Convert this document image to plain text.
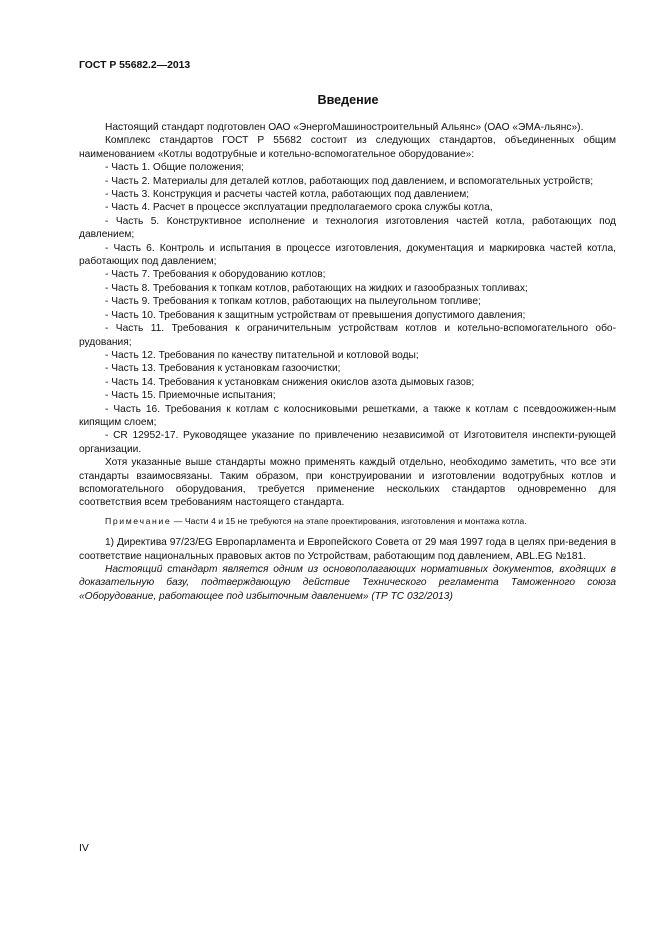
ГОСТ Р 55682.2—2013
Введение

Настоящий стандарт подготовлен ОАО «ЭнергоМашиностроительный Альянс» (ОАО «ЭМА-льянс»).

Комплекс стандартов ГОСТ Р 55682 состоит из следующих стандартов, объединенных общим наименованием «Котлы водотрубные и котельно-вспомогательное оборудование»:

- Часть 1. Общие положения;

- Часть 2. Материалы для деталей котлов, работающих под давлением, и вспомогательных устройств;

- Часть 3. Конструкция и расчеты частей котла, работающих под давлением;

- Часть 4. Расчет в процессе эксплуатации предполагаемого срока службы котла,

- Часть 5. Конструктивное исполнение и технология изготовления частей котла, работающих под давлением;

- Часть 6. Контроль и испытания в процессе изготовления, документация и маркировка частей котла, работающих под давлением;

- Часть 7. Требования к оборудованию котлов;

- Часть 8. Требования к топкам котлов, работающих на жидких и газообразных топливах;

- Часть 9. Требования к топкам котлов, работающих на пылеугольном топливе;

- Часть 10. Требования к защитным устройствам от превышения допустимого давления;

- Часть 11. Требования к ограничительным устройствам котлов и котельно-вспомогательного обо-рудования;

- Часть 12. Требования по качеству питательной и котловой воды;

- Часть 13. Требования к установкам газоочистки;

- Часть 14. Требования к установкам снижения окислов азота дымовых газов;

- Часть 15. Приемочные испытания;

- Часть 16. Требования к котлам с колосниковыми решетками, а также к котлам с псевдоожижен-ным кипящим слоем;

- CR 12952-17. Руководящее указание по привлечению независимой от Изготовителя инспекти-рующей организации.

Хотя указанные выше стандарты можно применять каждый отдельно, необходимо заметить, что все эти стандарты взаимосвязаны. Таким образом, при конструировании и изготовлении водотрубных котлов и вспомогательного оборудования, требуется применение нескольких стандартов одновременно для соответствия всем требованиям настоящего стандарта.

Примечание — Части 4 и 15 не требуются на этапе проектирования, изготовления и монтажа котла.

1) Директива 97/23/EG Европарламента и Европейского Совета от 29 мая 1997 года в целях при-ведения в соответствие национальных правовых актов по Устройствам, работающим под давлением, ABL.EG №181.

Настоящий стандарт является одним из основополагающих нормативных документов, входящих в доказательную базу, подтверждающую действие Технического регламента Таможенного союза «Оборудование, работающее под избыточным давлением» (ТР ТС 032/2013)

IV
